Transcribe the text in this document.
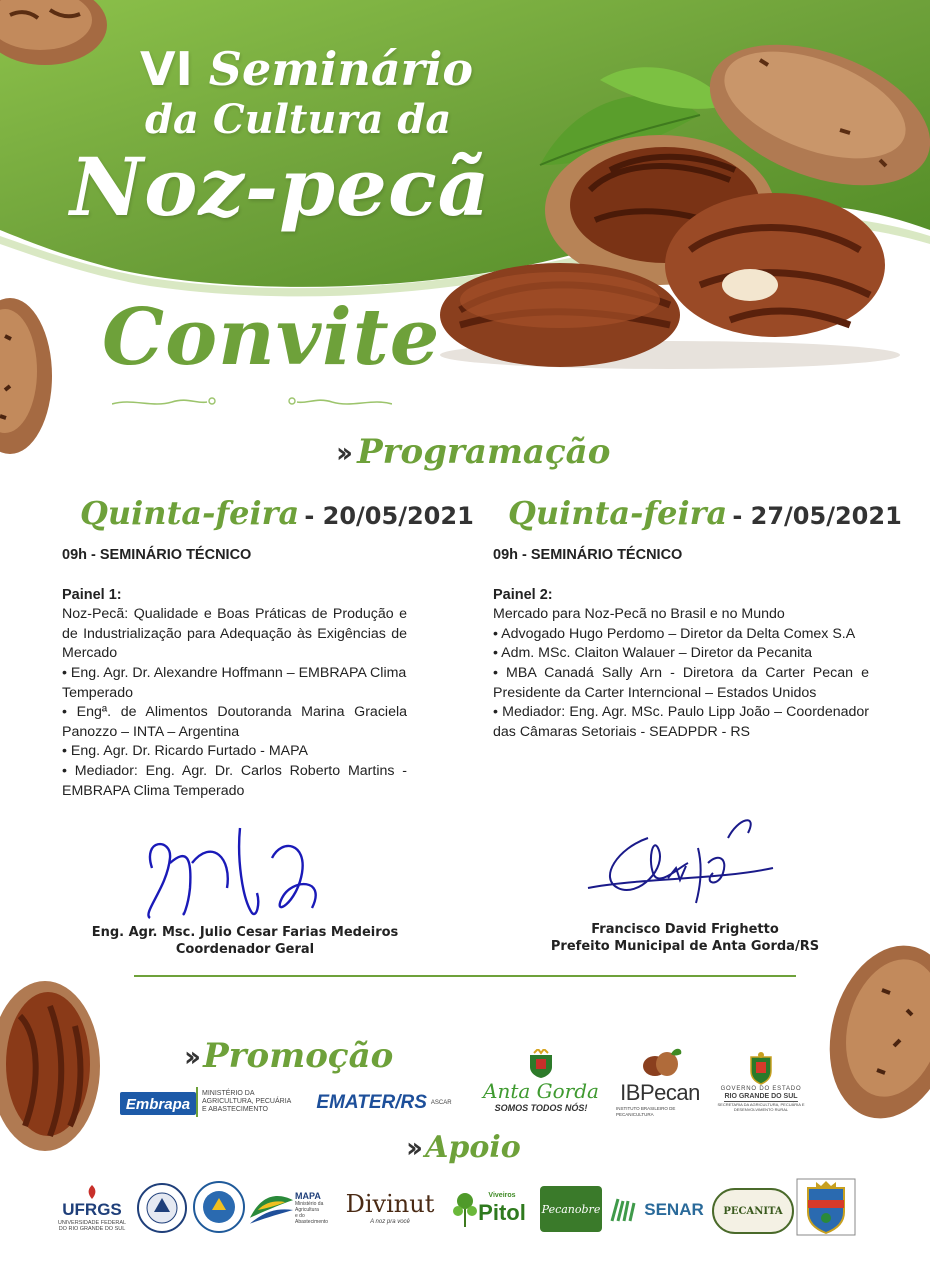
VI Seminário
da Cultura da
Noz-pecã
Convite
›› Programação
Quinta-feira - 20/05/2021 Quinta-feira - 27/05/2021
09h - SEMINÁRIO TÉCNICO
Painel 1:
Noz-Pecã: Qualidade e Boas Práticas de Produção e de Industrialização para Adequação às Exigências de Mercado
• Eng. Agr. Dr. Alexandre Hoffmann – EMBRAPA Clima Temperado
• Engª. de Alimentos Doutoranda Marina Graciela Panozzo – INTA – Argentina
• Eng. Agr. Dr. Ricardo Furtado - MAPA
• Mediador: Eng. Agr. Dr. Carlos Roberto Martins - EMBRAPA Clima Temperado
09h - SEMINÁRIO TÉCNICO
Painel 2:
Mercado para Noz-Pecã no Brasil e no Mundo
• Advogado Hugo Perdomo – Diretor da Delta Comex S.A
• Adm. MSc. Claiton Walauer – Diretor da Pecanita
• MBA Canadá Sally Arn - Diretora da Carter Pecan e Presidente da Carter Interncional – Estados Unidos
• Mediador: Eng. Agr. MSc. Paulo Lipp João – Coordenador das Câmaras Setoriais - SEADPDR - RS
Eng. Agr. Msc. Julio Cesar Farias Medeiros
Coordenador Geral
Francisco David Frighetto
Prefeito Municipal de Anta Gorda/RS
›› Promoção
Embrapa
MINISTÉRIO DA
AGRICULTURA, PECUÁRIA
E ABASTECIMENTO	EMATER/RS ASCAR Anta Gorda
SOMOS TODOS NÓS!
IBPecan
INSTITUTO BRASILEIRO DE PECANICULTURA
GOVERNO DO ESTADO
RIO GRANDE DO SUL
SECRETARIA DA AGRICULTURA, PECUÁRIA E DESENVOLVIMENTO RURAL
›› Apoio
UFRGS
UNIVERSIDADE FEDERAL
DO RIO GRANDE DO SUL
MAPA
Ministério da
Agricultura
e do Abastecimento
Divinut
A noz pra você
Viveiros
Pitol Pecanobre	SENAR PECANITA
